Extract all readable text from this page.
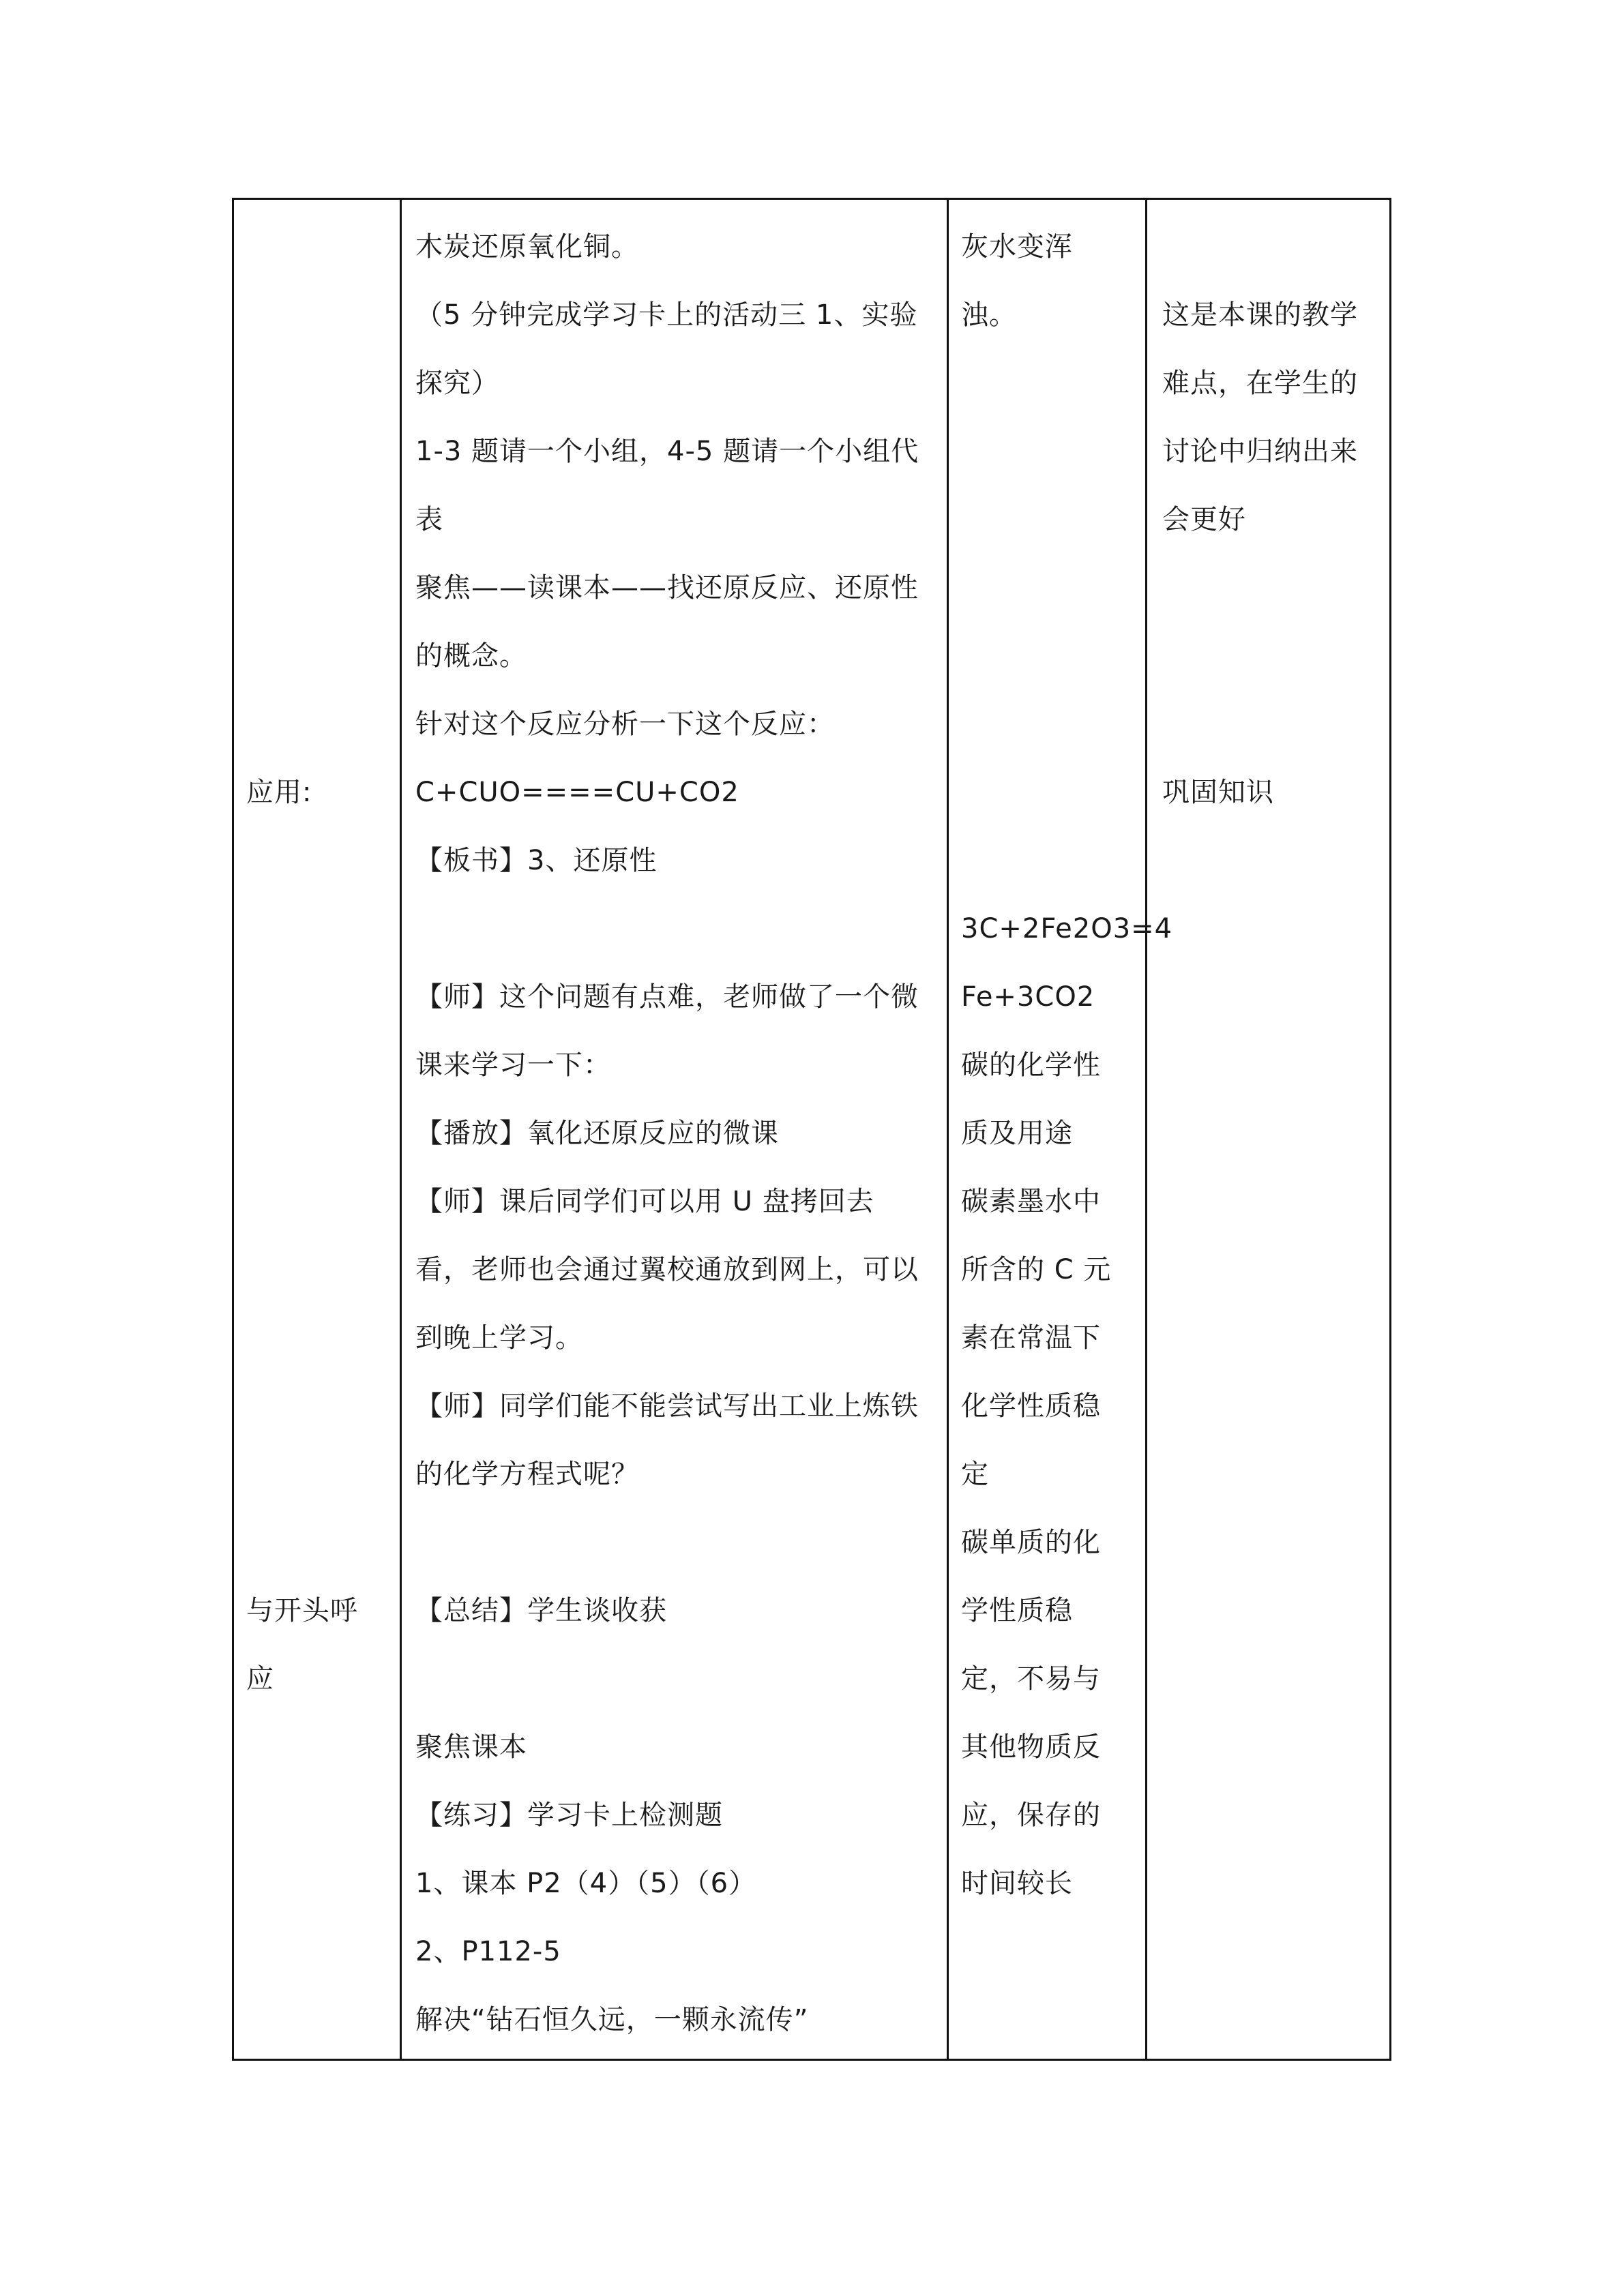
应用:
与开头呼
应
木炭还原氧化铜。
（5 分钟完成学习卡上的活动三 1、实验
探究）
1-3 题请一个小组，4-5 题请一个小组代
表
聚焦——读课本——找还原反应、还原性
的概念。
针对这个反应分析一下这个反应：
C+CUO====CU+CO2
【板书】3、还原性
【师】这个问题有点难，老师做了一个微
课来学习一下：
【播放】氧化还原反应的微课
【师】课后同学们可以用 U 盘拷回去
看，老师也会通过翼校通放到网上，可以
到晚上学习。
【师】同学们能不能尝试写出工业上炼铁
的化学方程式呢？
【总结】学生谈收获
聚焦课本
【练习】学习卡上检测题
1、课本 P2（4）（5）（6）
2、P112-5
解决“钻石恒久远，一颗永流传”
灰水变浑
浊。
3C+2Fe2O3=4
Fe+3CO2
碳的化学性
质及用途
碳素墨水中
所含的 C 元
素在常温下
化学性质稳
定
碳单质的化
学性质稳
定，不易与
其他物质反
应，保存的
时间较长
巩固知识
这是本课的教学
难点，在学生的
讨论中归纳出来
会更好
